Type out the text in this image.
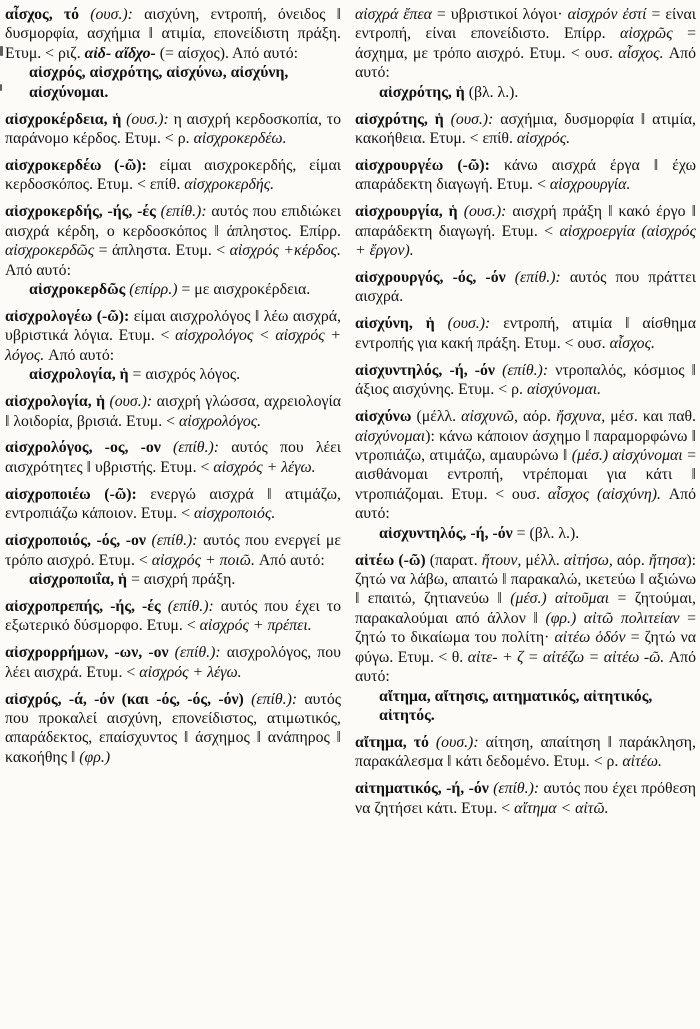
αἶσχος, τό (ουσ.): αισχύνη, εντροπή, όνειδος ‖ δυσμορφία, ασχήμια ‖ ατιμία, επονείδιστη πράξη. Ετυμ. < ριζ. αἰδ- αἴδχο- (= αίσχος). Από αυτό:

αἰσχρός, αἰσχρότης, αἰσχύνω, αἰσχύνη, αἰσχύνομαι.

αἰσχροκέρδεια, ἡ (ουσ.): η αισχρή κερδοσκοπία, το παράνομο κέρδος. Ετυμ. < ρ. αἰσχροκερδέω.

αἰσχροκερδέω (-ῶ): είμαι αισχροκερδής, είμαι κερδοσκόπος. Ετυμ. < επίθ. αἰσχροκερδής.

αἰσχροκερδής, -ής, -ές (επίθ.): αυτός που επιδιώκει αισχρά κέρδη, ο κερδοσκόπος ‖ άπληστος. Επίρρ. αἰσχροκερδῶς = άπληστα. Ετυμ. < αἰσχρός +κέρδος. Από αυτό:

αἰσχροκερδῶς (επίρρ.) = με αισχροκέρδεια.

αἰσχρολογέω (-ῶ): είμαι αισχρολόγος ‖ λέω αισχρά, υβριστικά λόγια. Ετυμ. < αἰσχρολόγος < αἰσχρός + λόγος. Από αυτό:

αἰσχρολογία, ἡ = αισχρός λόγος.

αἰσχρολογία, ἡ (ουσ.): αισχρή γλώσσα, αχρειολογία ‖ λοιδορία, βρισιά. Ετυμ. < αἰσχρολόγος.

αἰσχρολόγος, -ος, -ον (επίθ.): αυτός που λέει αισχρότητες ‖ υβριστής. Ετυμ. < αἰσχρός + λέγω.

αἰσχροποιέω (-ῶ): ενεργώ αισχρά ‖ ατιμάζω, εντροπιάζω κάποιον. Ετυμ. < αἰσχροποιός.

αἰσχροποιός, -ός, -ον (επίθ.): αυτός που ενεργεί με τρόπο αισχρό. Ετυμ. < αἰσχρός + ποιῶ. Από αυτό:

αἰσχροποιΐα, ἡ = αισχρή πράξη.

αἰσχροπρεπής, -ής, -ές (επίθ.): αυτός που έχει το εξωτερικό δύσμορφο. Ετυμ. < αἰσχρός + πρέπει.

αἰσχρορρήμων, -ων, -ον (επίθ.): αισχρολόγος, που λέει αισχρά. Ετυμ. < αἰσχρός + λέγω.

αἰσχρός, -ά, -όν (και -ός, -ός, -όν) (επίθ.): αυτός που προκαλεί αισχύνη, επονείδιστος, ατιμωτικός, απαράδεκτος, επαίσχυντος ‖ άσχημος ‖ ανάπηρος ‖ κακοήθης ‖ (φρ.)

αἰσχρά ἔπεα = υβριστικοί λόγοι· αἰσχρόν ἐστί = είναι εντροπή, είναι επονείδιστο. Επίρρ. αἰσχρῶς = άσχημα, με τρόπο αισχρό. Ετυμ. < ουσ. αἶσχος. Από αυτό:

αἰσχρότης, ἡ (βλ. λ.).

αἰσχρότης, ἡ (ουσ.): ασχήμια, δυσμορφία ‖ ατιμία, κακοήθεια. Ετυμ. < επίθ. αἰσχρός.

αἰσχρουργέω (-ῶ): κάνω αισχρά έργα ‖ έχω απαράδεκτη διαγωγή. Ετυμ. < αἰσχρουργία.

αἰσχρουργία, ἡ (ουσ.): αισχρή πράξη ‖ κακό έργο ‖ απαράδεκτη διαγωγή. Ετυμ. < αἰσχροεργία (αἰσχρός + ἔργον).

αἰσχρουργός, -ός, -όν (επίθ.): αυτός που πράττει αισχρά.

αἰσχύνη, ἡ (ουσ.): εντροπή, ατιμία ‖ αίσθημα εντροπής για κακή πράξη. Ετυμ. < ουσ. αἶσχος.

αἰσχυντηλός, -ή, -όν (επίθ.): ντροπαλός, κόσμιος ‖ άξιος αισχύνης. Ετυμ. < ρ. αἰσχύνομαι.

αἰσχύνω (μέλλ. αἰσχυνῶ, αόρ. ἤσχυνα, μέσ. και παθ. αἰσχύνομαι): κάνω κάποιον άσχημο ‖ παραμορφώνω ‖ ντροπιάζω, ατιμάζω, αμαυρώνω ‖ (μέσ.) αἰσχύνομαι = αισθάνομαι εντροπή, ντρέπομαι για κάτι ‖ ντροπιάζομαι. Ετυμ. < ουσ. αἶσχος (αἰσχύνη). Από αυτό:

αἰσχυντηλός, -ή, -όν = (βλ. λ.).

αἰτέω (-ῶ) (παρατ. ἤτουν, μέλλ. αἰτήσω, αόρ. ἤτησα): ζητώ να λάβω, απαιτώ ‖ παρακαλώ, ικετεύω ‖ αξιώνω ‖ επαιτώ, ζητιανεύω ‖ (μέσ.) αἰτοῦμαι = ζητούμαι, παρακαλούμαι από άλλον ‖ (φρ.) αἰτῶ πολιτείαν = ζητώ το δικαίωμα του πολίτη· αἰτέω ὁδόν = ζητώ να φύγω. Ετυμ. < θ. αἰτε- + ζ = αἰτέζω = αἰτέω -ῶ. Από αυτό:

αἴτημα, αἴτησις, αιτηματικός, αἰτητικός, αἰτητός.

αἴτημα, τό (ουσ.): αίτηση, απαίτηση ‖ παράκληση, παρακάλεσμα ‖ κάτι δεδομένο. Ετυμ. < ρ. αἰτέω.

αἰτηματικός, -ή, -όν (επίθ.): αυτός που έχει πρόθεση να ζητήσει κάτι. Ετυμ. < αἴτημα < αἰτῶ.
